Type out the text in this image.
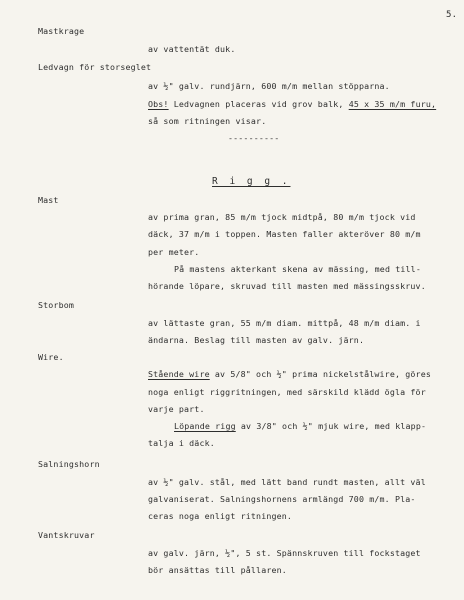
5.
Mastkrage
av vattentät duk.
Ledvagn för storseglet
av ½" galv. rundjärn, 600 m/m mellan stöpparna.
Obs! Ledvagnen placeras vid grov balk, 45 x 35 m/m furu,
så som ritningen visar.
----------
R i g g .
Mast
av prima gran, 85 m/m tjock midtpå, 80 m/m tjock vid
däck, 37 m/m i toppen. Masten faller akteröver 80 m/m
per meter.
På mastens akterkant skena av mässing, med till-
hörande löpare, skruvad till masten med mässingsskruv.
Storbom
av lättaste gran, 55 m/m diam. mittpå, 48 m/m diam. i
ändarna. Beslag till masten av galv. järn.
Wire.
Stående wire av 5/8" och ½" prima nickelstålwire, göres
noga enligt riggritningen, med särskild klädd ögla för
varje part.
Löpande rigg av 3/8" och ½" mjuk wire, med klapp-
talja i däck.
Salningshorn
av ½" galv. stål, med lätt band rundt masten, allt väl
galvaniserat. Salningshornens armlängd 700 m/m. Pla-
ceras noga enligt ritningen.
Vantskruvar
av galv. järn, ½", 5 st. Spännskruven till fockstaget
bör ansättas till pållaren.
